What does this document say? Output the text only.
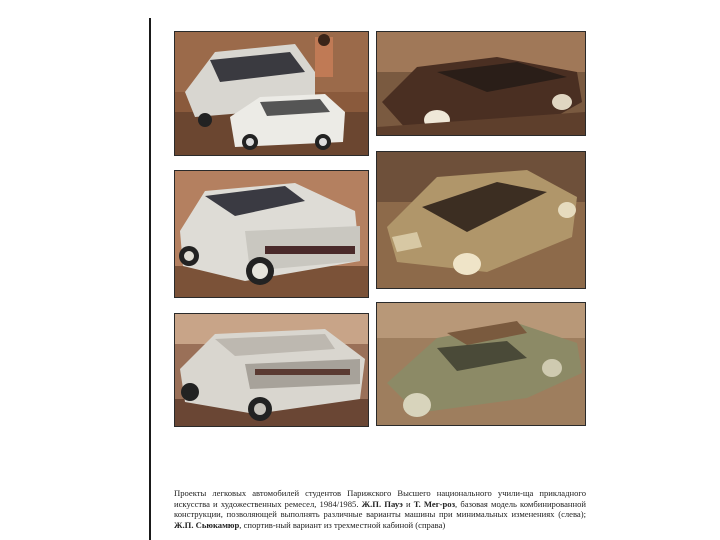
Проекты легковых автомобилей студентов Парижского Высшего национального учили-ща прикладного искусства и художественных ремесел, 1984/1985. Ж.П. Пауэ и Т. Мег-роз, базовая модель комбинированной конструкции, позволяющей выполнять различные варианты машины при минимальных изменениях (слева); Ж.П. Сьюкамюр, спортив-ный вариант из трехместной кабиной (справа)
